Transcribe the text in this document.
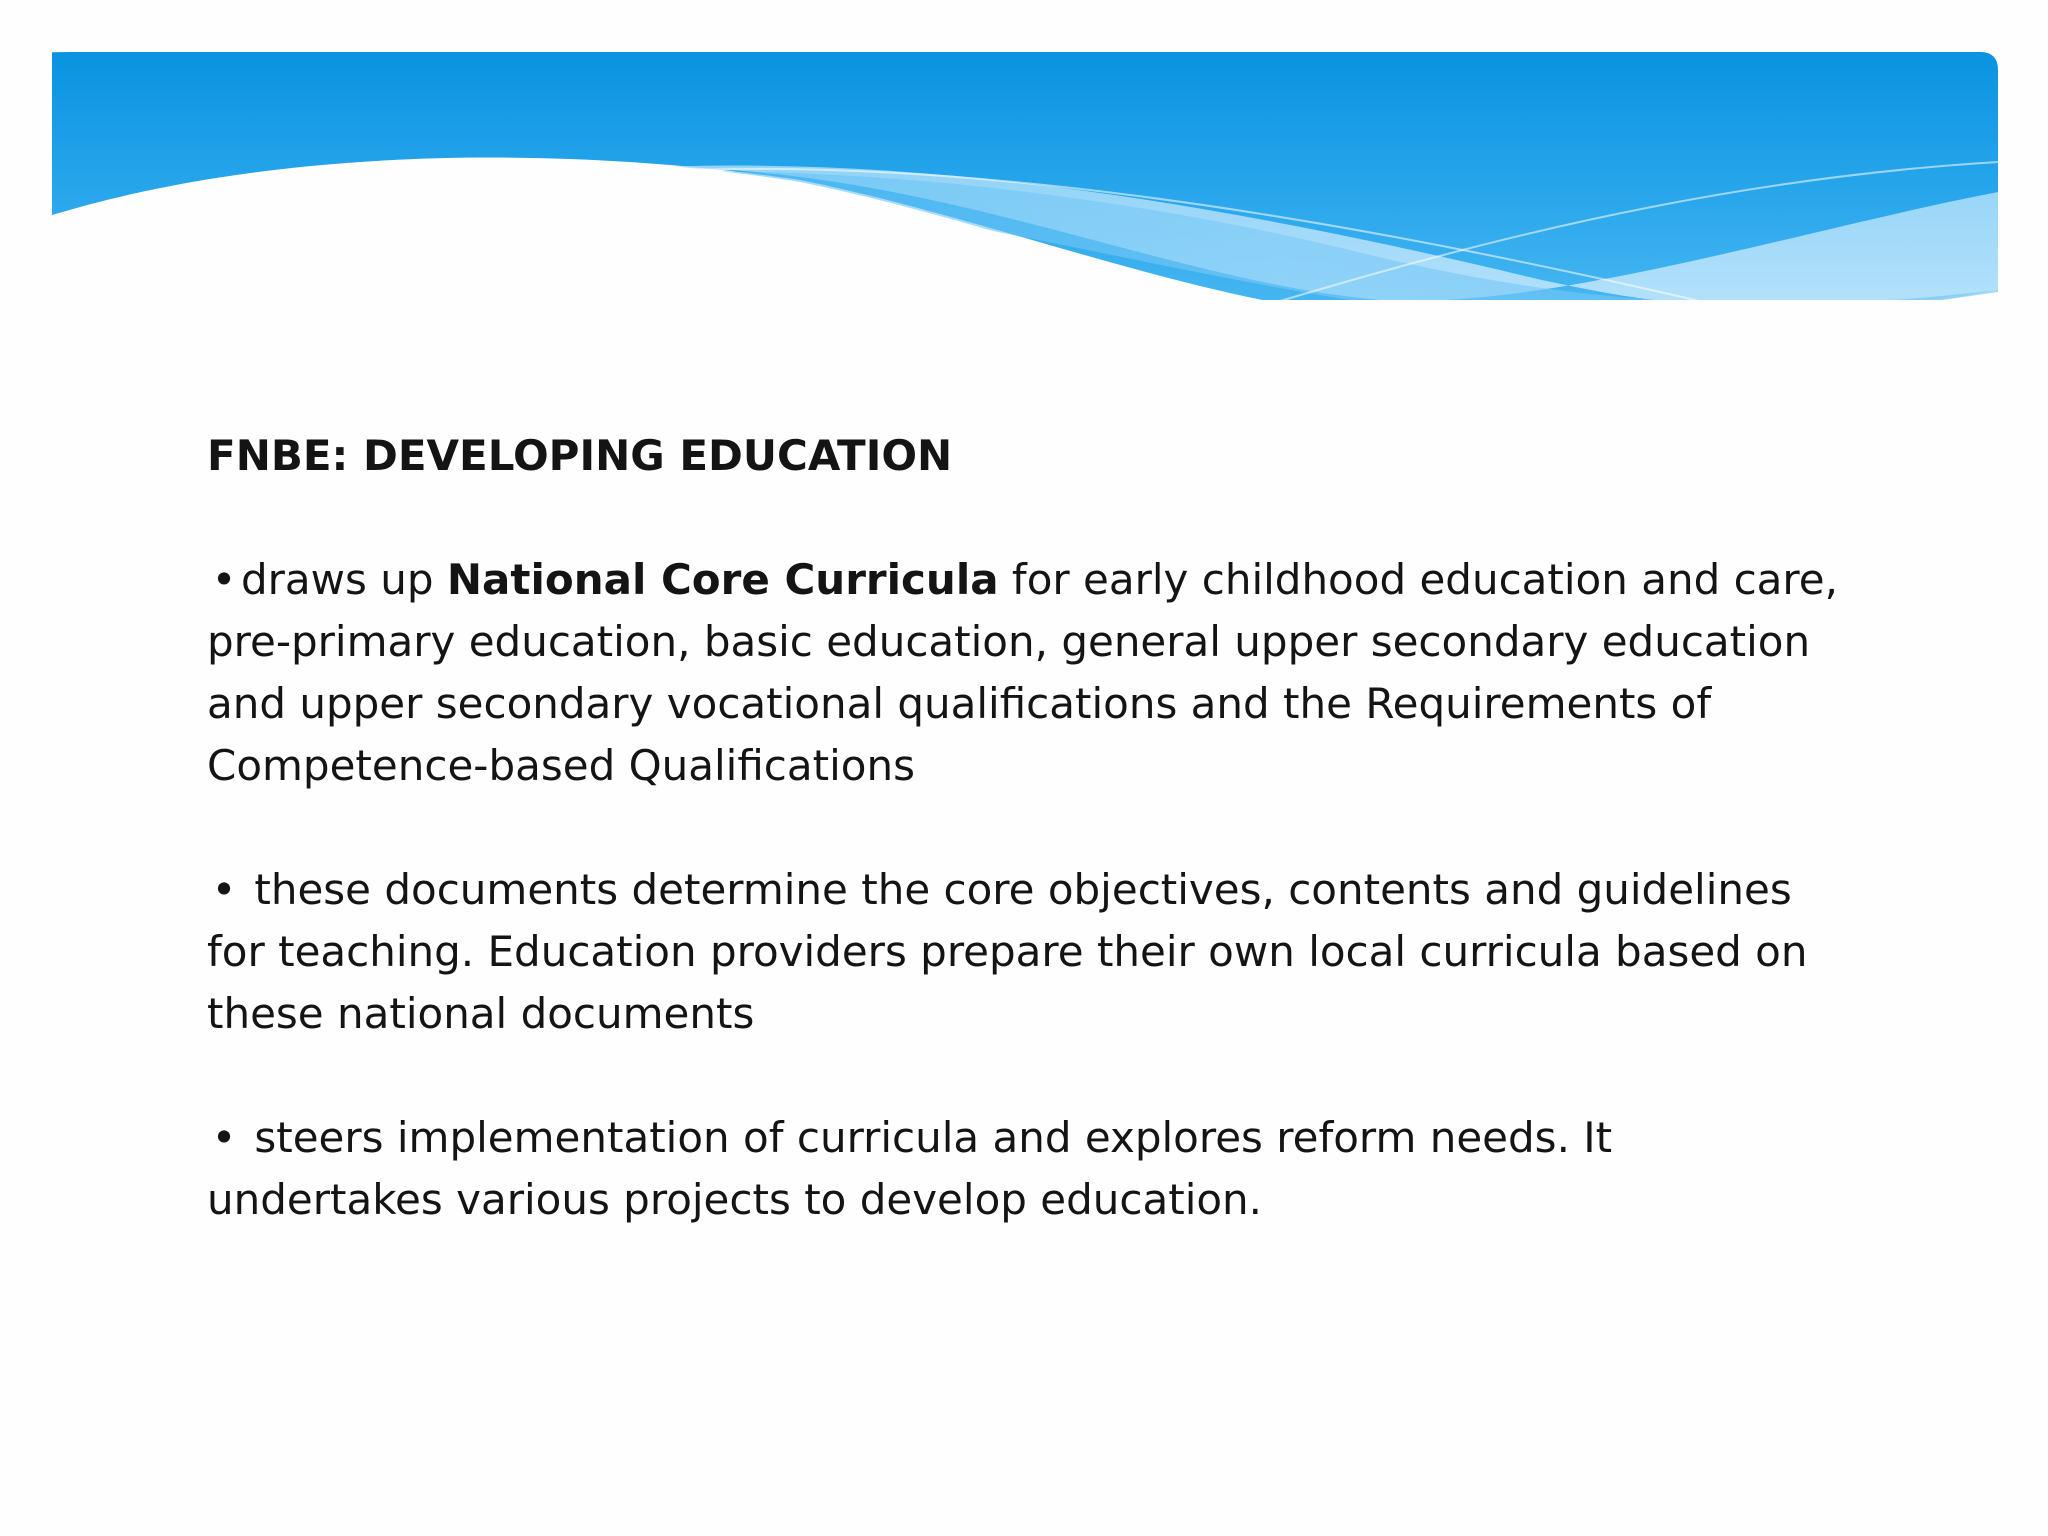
FNBE: DEVELOPING EDUCATION

• draws up National Core Curricula for early childhood education and care, pre-primary education, basic education, general upper secondary education and upper secondary vocational qualifications and the Requirements of Competence-based Qualifications

• these documents determine the core objectives, contents and guidelines for teaching. Education providers prepare their own local curricula based on these national documents

• steers implementation of curricula and explores reform needs. It undertakes various projects to develop education.
